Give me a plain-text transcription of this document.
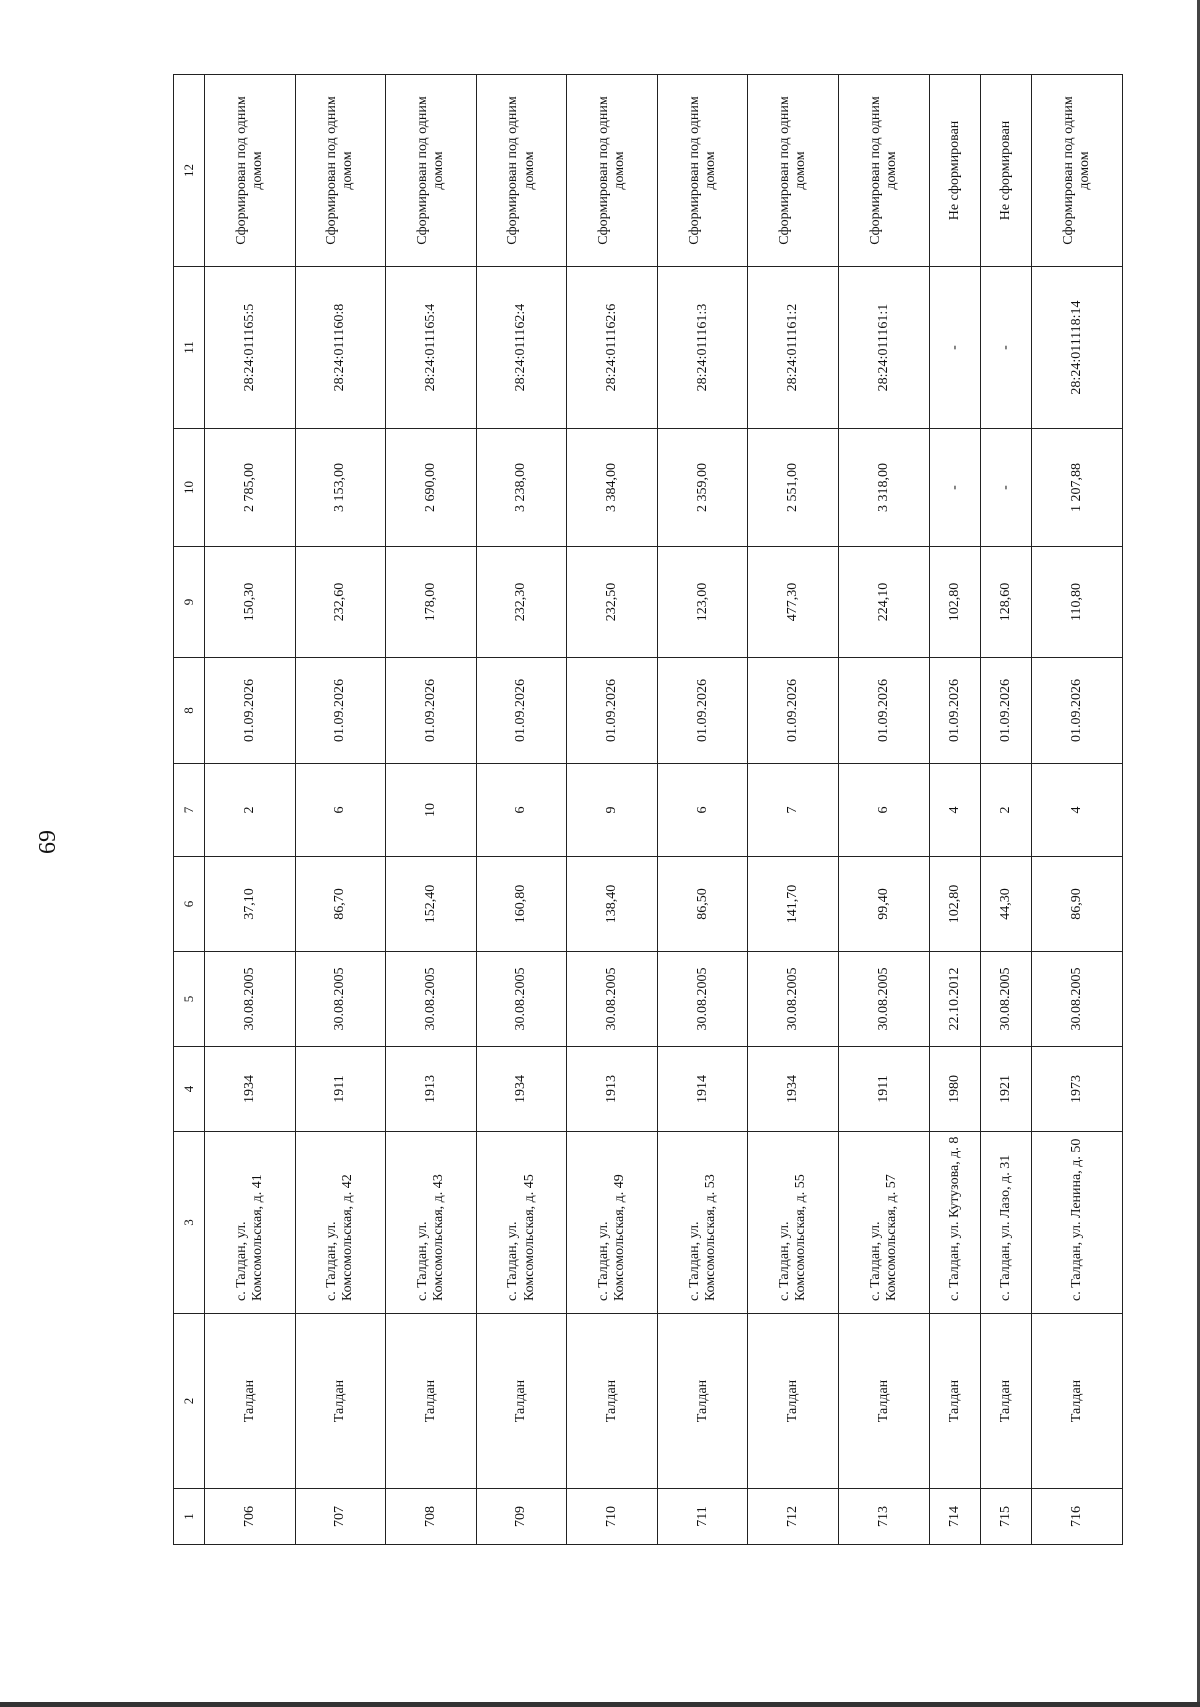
69
1	2	3	4	5	6	7	8	9	10	11	12
706	Талдан	с. Талдан, ул. Комсомольская, д. 41	1934	30.08.2005	37,10	2	01.09.2026	150,30	2 785,00	28:24:011165:5	Сформирован под одним домом
707	Талдан	с. Талдан, ул. Комсомольская, д. 42	1911	30.08.2005	86,70	6	01.09.2026	232,60	3 153,00	28:24:011160:8	Сформирован под одним домом
708	Талдан	с. Талдан, ул. Комсомольская, д. 43	1913	30.08.2005	152,40	10	01.09.2026	178,00	2 690,00	28:24:011165:4	Сформирован под одним домом
709	Талдан	с. Талдан, ул. Комсомольская, д. 45	1934	30.08.2005	160,80	6	01.09.2026	232,30	3 238,00	28:24:011162:4	Сформирован под одним домом
710	Талдан	с. Талдан, ул. Комсомольская, д. 49	1913	30.08.2005	138,40	9	01.09.2026	232,50	3 384,00	28:24:011162:6	Сформирован под одним домом
711	Талдан	с. Талдан, ул. Комсомольская, д. 53	1914	30.08.2005	86,50	6	01.09.2026	123,00	2 359,00	28:24:011161:3	Сформирован под одним домом
712	Талдан	с. Талдан, ул. Комсомольская, д. 55	1934	30.08.2005	141,70	7	01.09.2026	477,30	2 551,00	28:24:011161:2	Сформирован под одним домом
713	Талдан	с. Талдан, ул. Комсомольская, д. 57	1911	30.08.2005	99,40	6	01.09.2026	224,10	3 318,00	28:24:011161:1	Сформирован под одним домом
714	Талдан	с. Талдан, ул. Кутузова, д. 8	1980	22.10.2012	102,80	4	01.09.2026	102,80	-	-	Не сформирован
715	Талдан	с. Талдан, ул. Лазо, д. 31	1921	30.08.2005	44,30	2	01.09.2026	128,60	-	-	Не сформирован
716	Талдан	с. Талдан, ул. Ленина, д. 50	1973	30.08.2005	86,90	4	01.09.2026	110,80	1 207,88	28:24:011118:14	Сформирован под одним домом
